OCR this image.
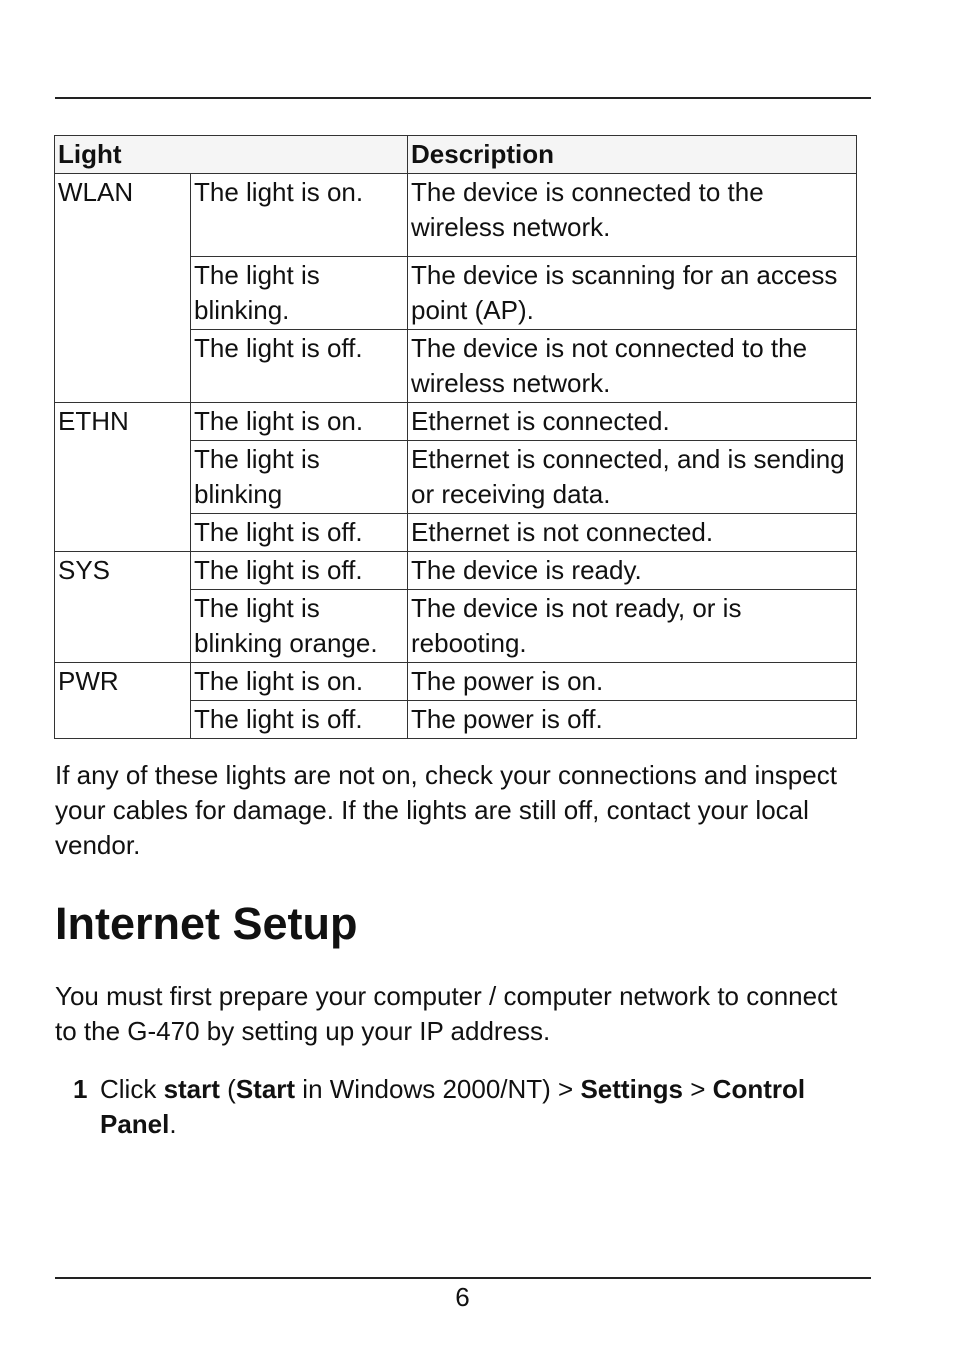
Light		Description
WLAN	The light is on.	The device is connected to the wireless network.
	The light is blinking.	The device is scanning for an access point (AP).
	The light is off.	The device is not connected to the wireless network.
ETHN	The light is on.	Ethernet is connected.
	The light is blinking	Ethernet is connected, and is sending or receiving data.
	The light is off.	Ethernet is not connected.
SYS	The light is off.	The device is ready.
	The light is blinking orange.	The device is not ready, or is rebooting.
PWR	The light is on.	The power is on.
	The light is off.	The power is off.

If any of these lights are not on, check your connections and inspect your cables for damage. If the lights are still off, contact your local vendor.

Internet Setup

You must first prepare your computer / computer network to connect to the G-470 by setting up your IP address.

1 Click start (Start in Windows 2000/NT) > Settings > Control Panel.
6
